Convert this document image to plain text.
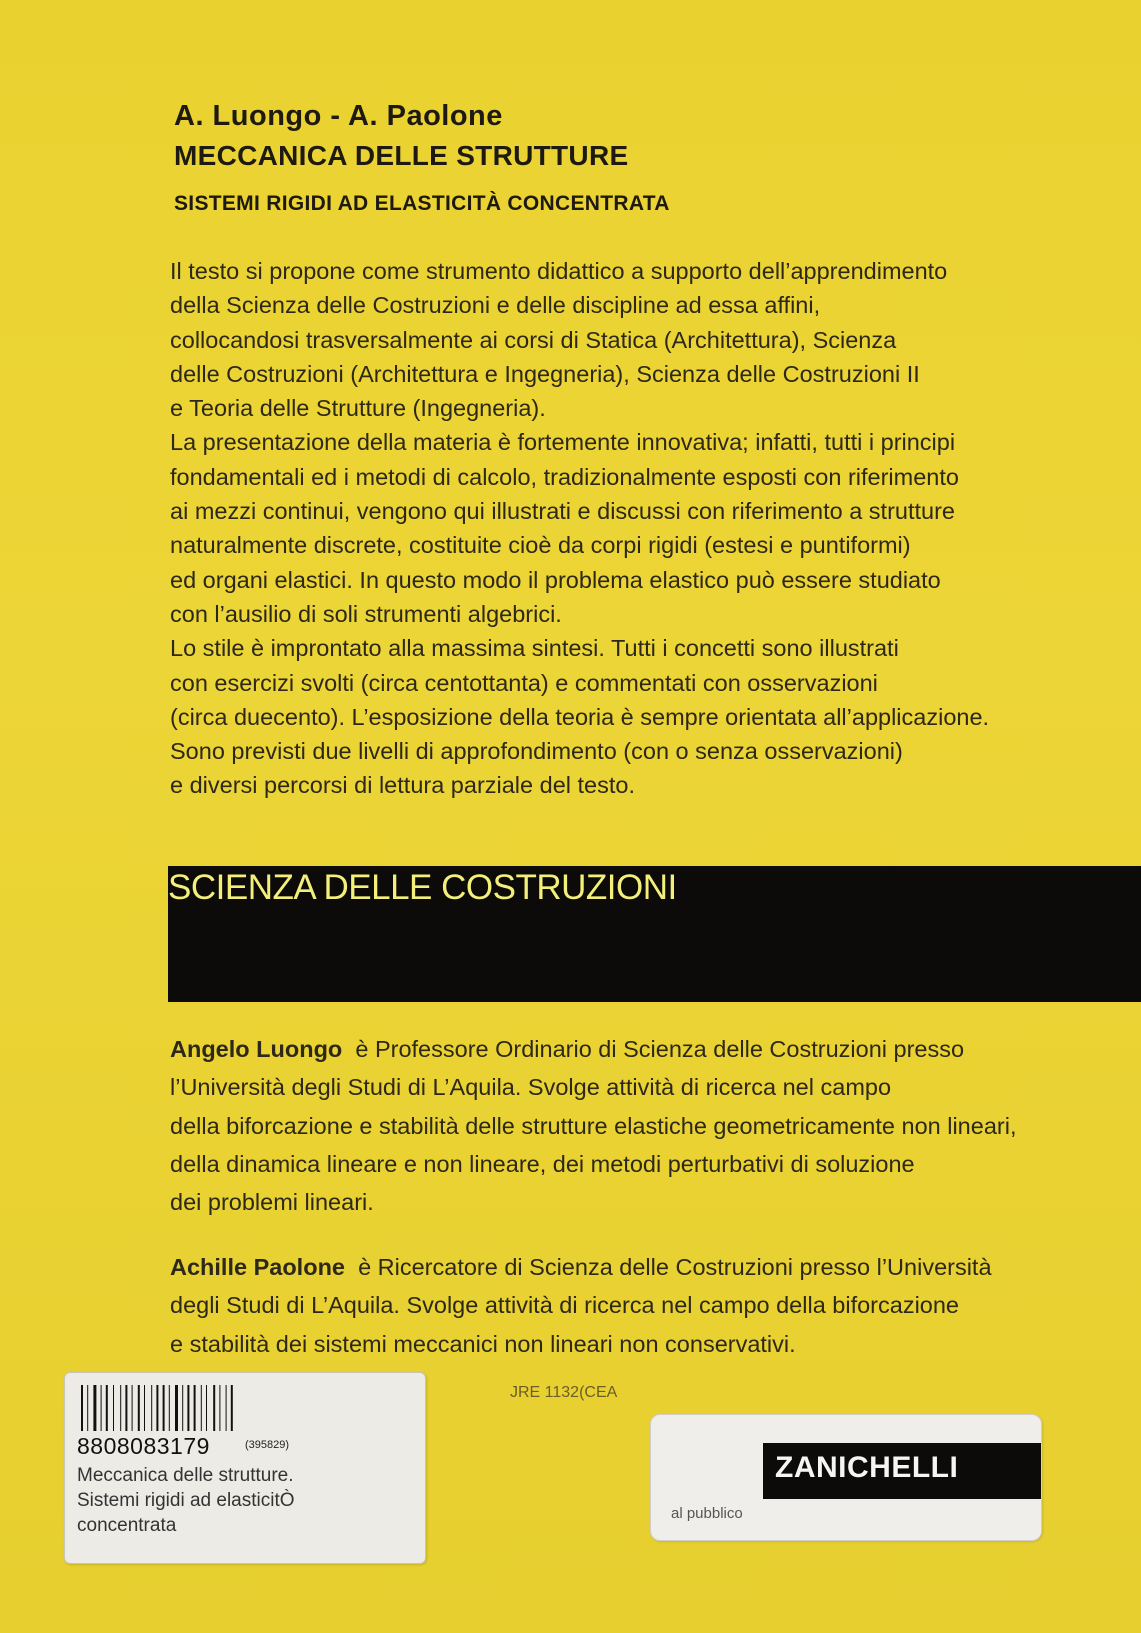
A. Luongo - A. Paolone
MECCANICA DELLE STRUTTURE
SISTEMI RIGIDI AD ELASTICITÀ CONCENTRATA
Il testo si propone come strumento didattico a supporto dell’apprendimento
della Scienza delle Costruzioni e delle discipline ad essa affini,
collocandosi trasversalmente ai corsi di Statica (Architettura), Scienza
delle Costruzioni (Architettura e Ingegneria), Scienza delle Costruzioni II
e Teoria delle Strutture (Ingegneria).
La presentazione della materia è fortemente innovativa; infatti, tutti i principi
fondamentali ed i metodi di calcolo, tradizionalmente esposti con riferimento
ai mezzi continui, vengono qui illustrati e discussi con riferimento a strutture
naturalmente discrete, costituite cioè da corpi rigidi (estesi e puntiformi)
ed organi elastici. In questo modo il problema elastico può essere studiato
con l’ausilio di soli strumenti algebrici.
Lo stile è improntato alla massima sintesi. Tutti i concetti sono illustrati
con esercizi svolti (circa centottanta) e commentati con osservazioni
(circa duecento). L’esposizione della teoria è sempre orientata all’applicazione.
Sono previsti due livelli di approfondimento (con o senza osservazioni)
e diversi percorsi di lettura parziale del testo.
SCIENZA DELLE COSTRUZIONI
Angelo Luongo è Professore Ordinario di Scienza delle Costruzioni presso
l’Università degli Studi di L’Aquila. Svolge attività di ricerca nel campo
della biforcazione e stabilità delle strutture elastiche geometricamente non lineari,
della dinamica lineare e non lineare, dei metodi perturbativi di soluzione
dei problemi lineari.
Achille Paolone è Ricercatore di Scienza delle Costruzioni presso l’Università
degli Studi di L’Aquila. Svolge attività di ricerca nel campo della biforcazione
e stabilità dei sistemi meccanici non lineari non conservativi.
JRE 1132(CEA
8808083179	(395829)
Meccanica delle strutture.
Sistemi rigidi ad elasticitÒ
concentrata
ZANICHELLI
al pubblico
